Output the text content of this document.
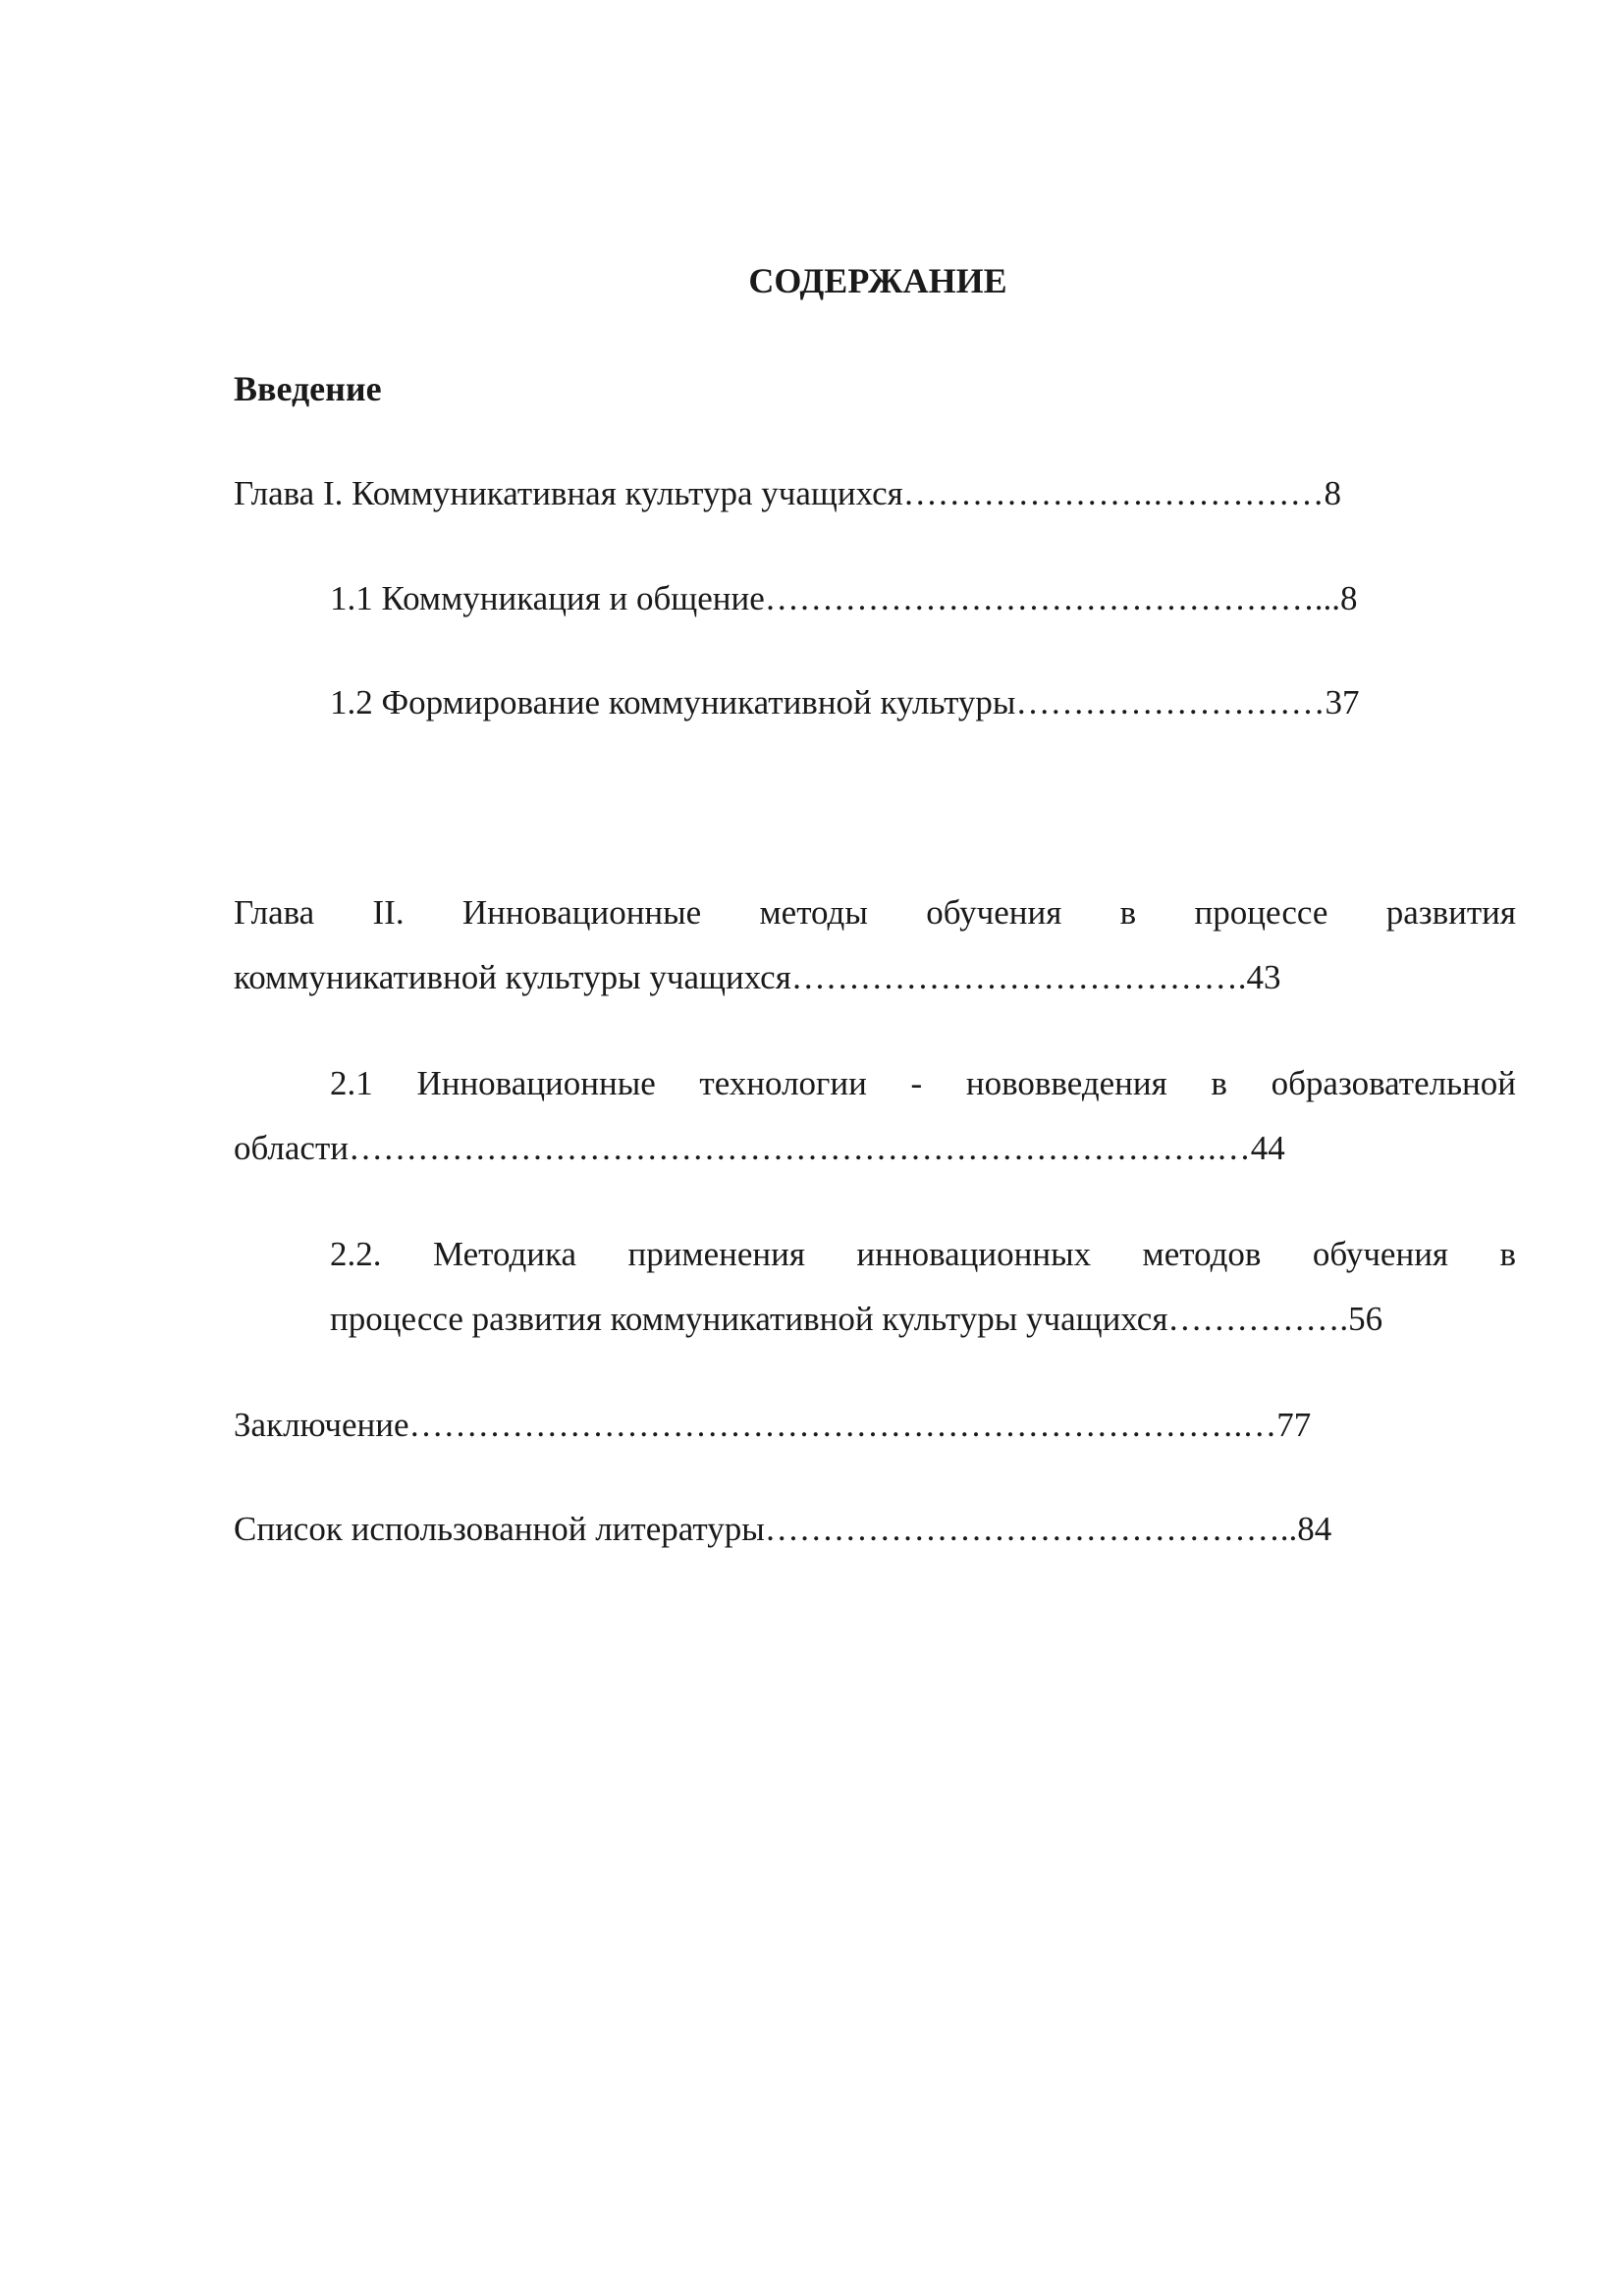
СОДЕРЖАНИЕ
Введение
Глава I. Коммуникативная культура учащихся………………….……………8
1.1 Коммуникация и общение…………………………………………...8
1.2 Формирование коммуникативной культуры………………………37
Глава II. Инновационные методы обучения в процессе развития
коммуникативной культуры учащихся………………………………….43
2.1 Инновационные технологии - нововведения в образовательной
области………………………………………………………………….…44
2.2. Методика применения инновационных методов обучения в
процессе развития коммуникативной культуры учащихся…………….56
Заключение……………………………………………………………….…77
Список использованной литературы………………………………………..84
